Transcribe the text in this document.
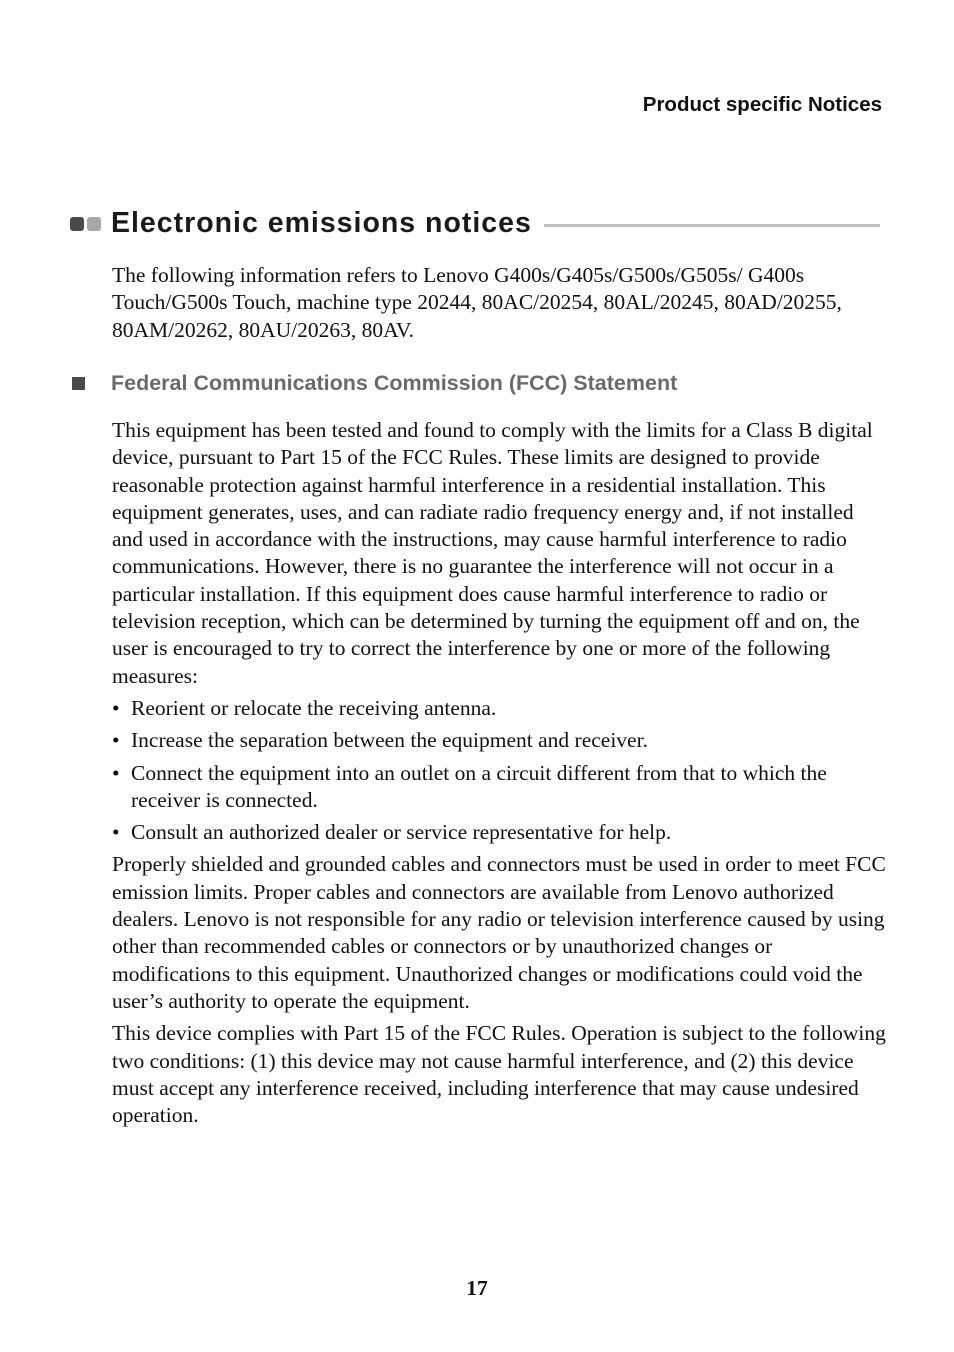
Product specific Notices
Electronic emissions notices

The following information refers to Lenovo G400s/G405s/G500s/G505s/ G400s Touch/G500s Touch, machine type 20244, 80AC/20254, 80AL/20245, 80AD/20255, 80AM/20262, 80AU/20263, 80AV.

Federal Communications Commission (FCC) Statement

This equipment has been tested and found to comply with the limits for a Class B digital device, pursuant to Part 15 of the FCC Rules. These limits are designed to provide reasonable protection against harmful interference in a residential installation. This equipment generates, uses, and can radiate radio frequency energy and, if not installed and used in accordance with the instructions, may cause harmful interference to radio communications. However, there is no guarantee the interference will not occur in a particular installation. If this equipment does cause harmful interference to radio or television reception, which can be determined by turning the equipment off and on, the user is encouraged to try to correct the interference by one or more of the following measures:

• Reorient or relocate the receiving antenna.
• Increase the separation between the equipment and receiver.
• Connect the equipment into an outlet on a circuit different from that to which the receiver is connected.
• Consult an authorized dealer or service representative for help.

Properly shielded and grounded cables and connectors must be used in order to meet FCC emission limits. Proper cables and connectors are available from Lenovo authorized dealers. Lenovo is not responsible for any radio or television interference caused by using other than recommended cables or connectors or by unauthorized changes or modifications to this equipment. Unauthorized changes or modifications could void the user’s authority to operate the equipment.

This device complies with Part 15 of the FCC Rules. Operation is subject to the following two conditions: (1) this device may not cause harmful interference, and (2) this device must accept any interference received, including interference that may cause undesired operation.

17
